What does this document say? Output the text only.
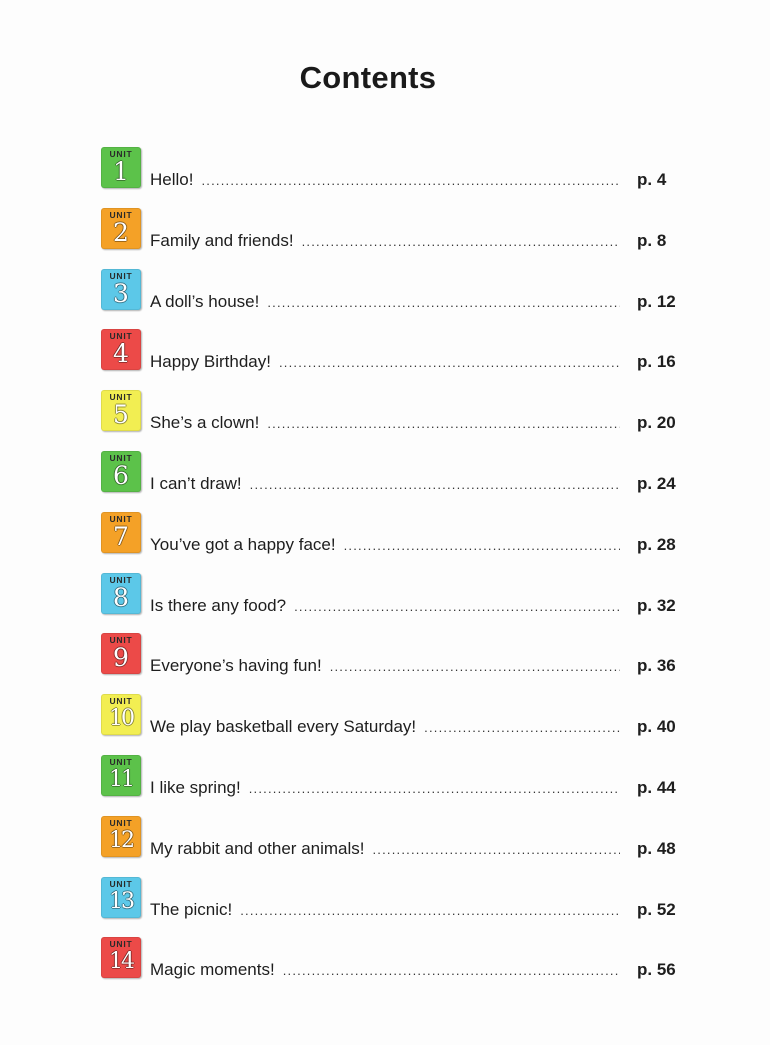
Contents
UNIT
1	Hello! .....	p. 4
UNIT
2	Family and friends! .....	p. 8
UNIT
3	A doll’s house! .....	p. 12
UNIT
4	Happy Birthday! .....	p. 16
UNIT
5	She’s a clown! .....	p. 20
UNIT
6	I can’t draw! .....	p. 24
UNIT
7	You’ve got a happy face! .....	p. 28
UNIT
8	Is there any food? .....	p. 32
UNIT
9	Everyone’s having fun! .....	p. 36
UNIT
10	We play basketball every Saturday! .....	p. 40
UNIT
11	I like spring! .....	p. 44
UNIT
12	My rabbit and other animals! .....	p. 48
UNIT
13	The picnic! .....	p. 52
UNIT
14	Magic moments! .....	p. 56
